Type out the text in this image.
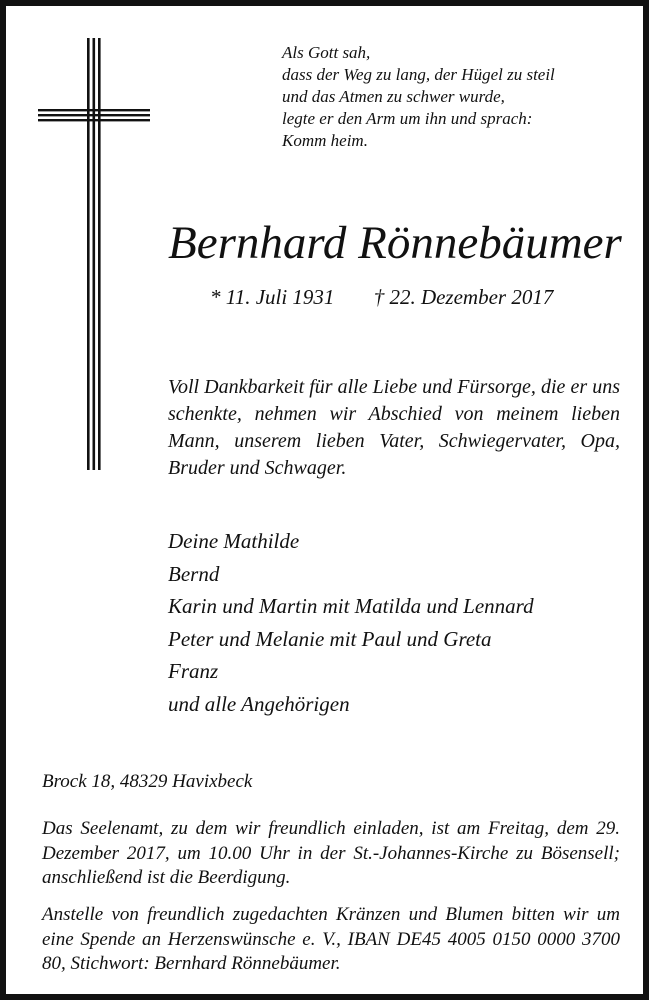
Als Gott sah,
dass der Weg zu lang, der Hügel zu steil
und das Atmen zu schwer wurde,
legte er den Arm um ihn und sprach:
Komm heim.
Bernhard Rönnebäumer
* 11. Juli 1931 † 22. Dezember 2017
Voll Dankbarkeit für alle Liebe und Fürsorge, die er uns schenkte, nehmen wir Abschied von meinem lieben Mann, unserem lieben Vater, Schwiegervater, Opa, Bruder und Schwager.
Deine Mathilde
Bernd
Karin und Martin mit Matilda und Lennard
Peter und Melanie mit Paul und Greta
Franz
und alle Angehörigen
Brock 18, 48329 Havixbeck
Das Seelenamt, zu dem wir freundlich einladen, ist am Freitag, dem 29. Dezember 2017, um 10.00 Uhr in der St.-Johannes-Kirche zu Bösensell; anschließend ist die Beerdigung.
Anstelle von freundlich zugedachten Kränzen und Blumen bitten wir um eine Spende an Herzenswünsche e. V., IBAN DE45 4005 0150 0000 3700 80, Stichwort: Bernhard Rönnebäumer.
